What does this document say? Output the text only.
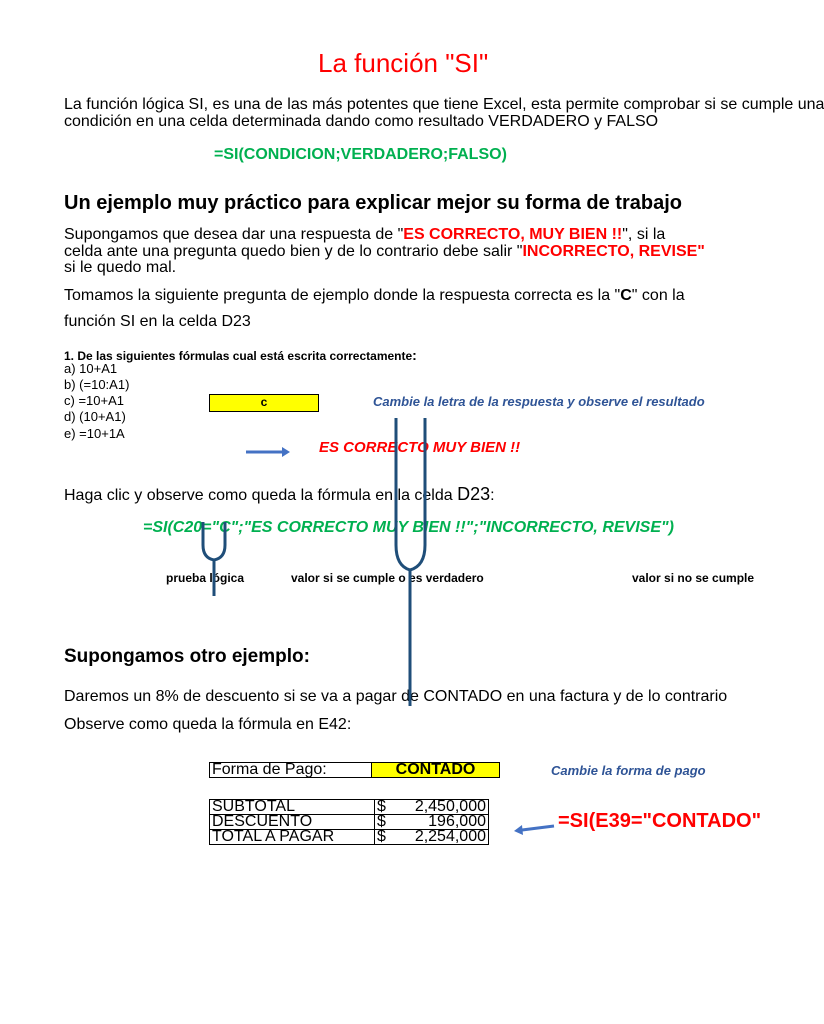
La función "SI"
La función lógica SI, es una de las más potentes que tiene Excel, esta permite comprobar si se cumple una
condición en una celda determinada dando como resultado VERDADERO y FALSO
=SI(CONDICION;VERDADERO;FALSO)
Un ejemplo muy práctico para explicar mejor su forma de trabajo
Supongamos que desea dar una respuesta de "ES CORRECTO, MUY BIEN !!", si la
celda ante una pregunta quedo bien y de lo contrario debe salir "INCORRECTO, REVISE"
si le quedo mal.
Tomamos la siguiente pregunta de ejemplo donde la respuesta correcta es la "C" con la
función SI en la celda D23
1. De las siguientes fórmulas cual está escrita correctamente:
a) 10+A1
b) (=10:A1)
c) =10+A1
d) (10+A1)
e) =10+1A
c	Cambie la letra de la respuesta y observe el resultado
ES CORRECTO MUY BIEN !!
Haga clic y observe como queda la fórmula en la celda D23:
=SI(C20="C";"ES CORRECTO MUY BIEN !!";"INCORRECTO, REVISE")
prueba lógica	valor si se cumple o es verdadero	valor si no se cumple
Supongamos otro ejemplo:
Daremos un 8% de descuento si se va a pagar de CONTADO en una factura y de lo contrario
Observe como queda la fórmula en E42:
Forma de Pago:	CONTADO	Cambie la forma de pago
SUBTOTAL	$	2,450,000
DESCUENTO	$	196,000
TOTAL A PAGAR	$	2,254,000
=SI(E39="CONTADO"
